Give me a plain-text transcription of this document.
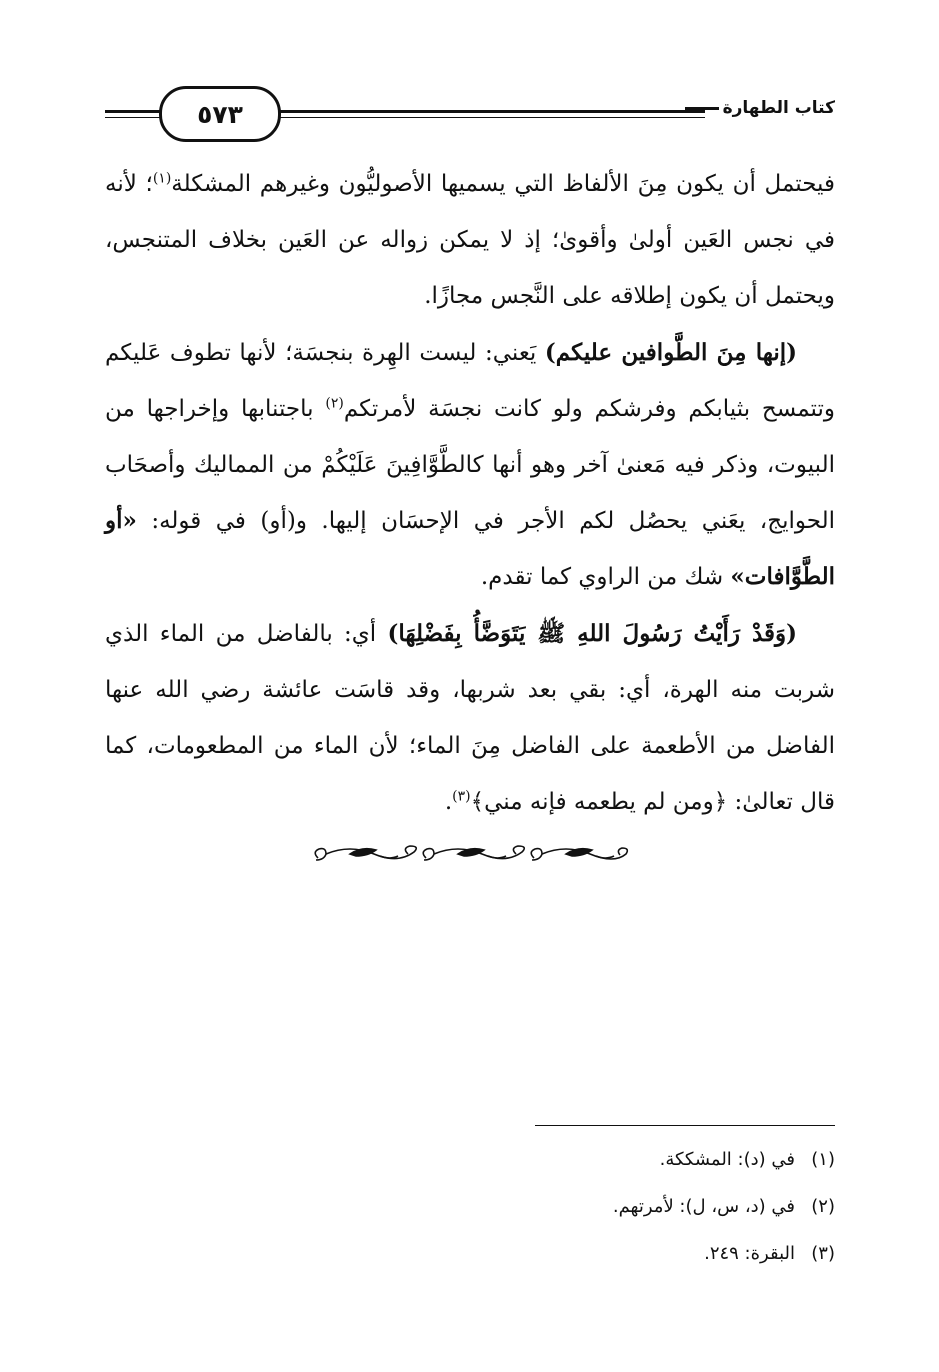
٥٧٣	كتاب الطهارة

فيحتمل أن يكون مِنَ الألفاظ التي يسميها الأصوليُّون وغيرهم المشكلة$^{(١)}$؛ لأنه في نجس العَين أولىٰ وأقوىٰ؛ إذ لا يمكن زواله عن العَين بخلاف المتنجس، ويحتمل أن يكون إطلاقه على النَّجس مجازًا.

(إنها مِنَ الطَّوافين عليكم) يَعني: ليست الهِرة بنجسَة؛ لأنها تطوف عَليكم وتتمسح بثيابكم وفرشكم ولو كانت نجسَة لأمرتكم$^{(٢)}$ باجتنابها وإخراجها من البيوت، وذكر فيه مَعنىٰ آخر وهو أنها كالطَّوَّافِينَ عَلَيْكُمْ من المماليك وأصحَاب الحوايج، يعَني يحصُل لكم الأجر في الإحسَان إليها. و(أو) في قوله: «أو الطَّوَّافات» شك من الراوي كما تقدم.

(وَقَدْ رَأَيْتُ رَسُولَ اللهِ ﷺ يَتَوَضَّأُ بِفَضْلِهَا) أي: بالفاضل من الماء الذي شربت منه الهرة، أي: بقي بعد شربها، وقد قاسَت عائشة رضي الله عنها الفاضل من الأطعمة على الفاضل مِنَ الماء؛ لأن الماء من المطعومات، كما قال تعالىٰ: ﴿ومن لم يطعمه فإنه مني﴾$^{(٣)}$.

(١)في (د): المشككة.
(٢)في (د، س، ل): لأمرتهم.
(٣)البقرة: ٢٤٩.
